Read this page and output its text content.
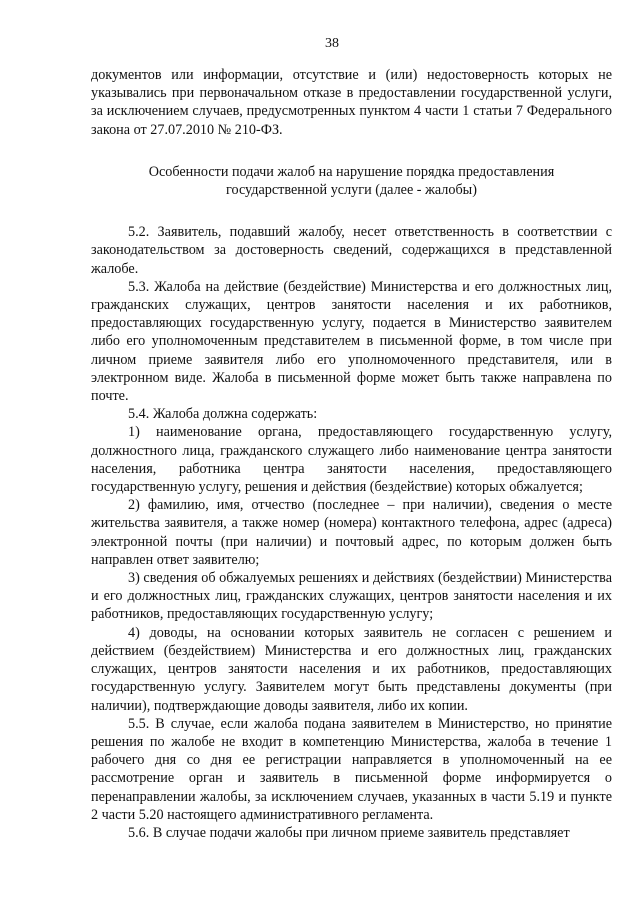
38

документов или информации, отсутствие и (или) недостоверность которых не указывались при первоначальном отказе в предоставлении государственной услуги, за исключением случаев, предусмотренных пунктом 4 части 1 статьи 7 Федерального закона от 27.07.2010 № 210-ФЗ.

Особенности подачи жалоб на нарушение порядка предоставления государственной услуги (далее - жалобы)

5.2. Заявитель, подавший жалобу, несет ответственность в соответствии с законодательством за достоверность сведений, содержащихся в представленной жалобе.

5.3. Жалоба на действие (бездействие) Министерства и его должностных лиц, гражданских служащих, центров занятости населения и их работников, предоставляющих государственную услугу, подается в Министерство заявителем либо его уполномоченным представителем в письменной форме, в том числе при личном приеме заявителя либо его уполномоченного представителя, или в электронном виде. Жалоба в письменной форме может быть также направлена по почте.

5.4. Жалоба должна содержать:

1) наименование органа, предоставляющего государственную услугу, должностного лица, гражданского служащего либо наименование центра занятости населения, работника центра занятости населения, предоставляющего государственную услугу, решения и действия (бездействие) которых обжалуется;

2) фамилию, имя, отчество (последнее – при наличии), сведения о месте жительства заявителя, а также номер (номера) контактного телефона, адрес (адреса) электронной почты (при наличии) и почтовый адрес, по которым должен быть направлен ответ заявителю;

3) сведения об обжалуемых решениях и действиях (бездействии) Министерства и его должностных лиц, гражданских служащих, центров занятости населения и их работников, предоставляющих государственную услугу;

4) доводы, на основании которых заявитель не согласен с решением и действием (бездействием) Министерства и его должностных лиц, гражданских служащих, центров занятости населения и их работников, предоставляющих государственную услугу. Заявителем могут быть представлены документы (при наличии), подтверждающие доводы заявителя, либо их копии.

5.5. В случае, если жалоба подана заявителем в Министерство, но принятие решения по жалобе не входит в компетенцию Министерства, жалоба в течение 1 рабочего дня со дня ее регистрации направляется в уполномоченный на ее рассмотрение орган и заявитель в письменной форме информируется о перенаправлении жалобы, за исключением случаев, указанных в части 5.19 и пункте 2 части 5.20 настоящего административного регламента.

5.6. В случае подачи жалобы при личном приеме заявитель представляет
